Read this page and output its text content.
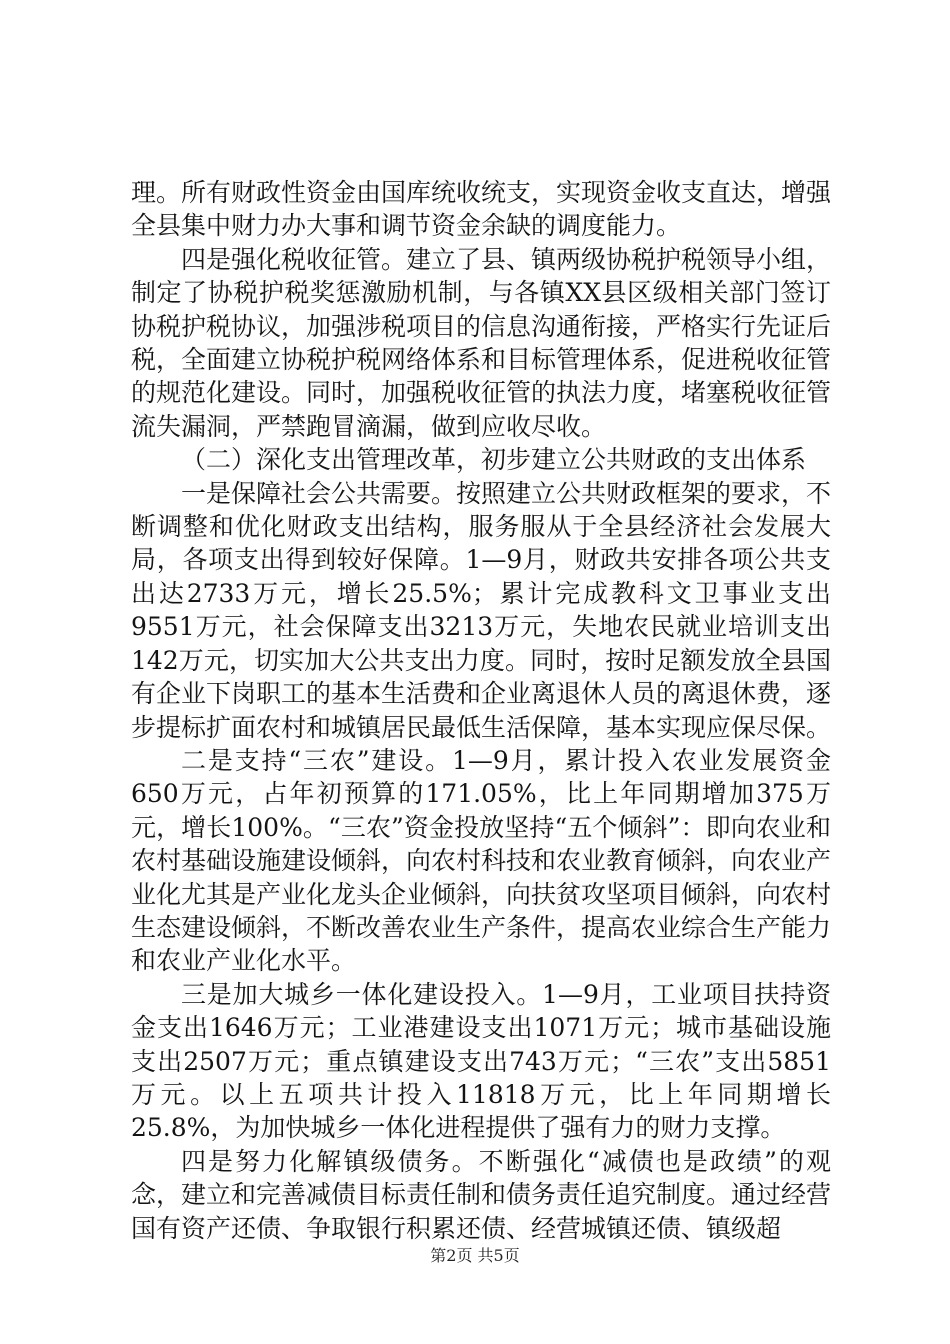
理。所有财政性资金由国库统收统支，实现资金收支直达，增强全县集中财力办大事和调节资金余缺的调度能力。

四是强化税收征管。建立了县、镇两级协税护税领导小组，制定了协税护税奖惩激励机制，与各镇XX县区级相关部门签订协税护税协议，加强涉税项目的信息沟通衔接，严格实行先证后税，全面建立协税护税网络体系和目标管理体系，促进税收征管的规范化建设。同时，加强税收征管的执法力度，堵塞税收征管流失漏洞，严禁跑冒滴漏，做到应收尽收。

（二）深化支出管理改革，初步建立公共财政的支出体系

一是保障社会公共需要。按照建立公共财政框架的要求，不断调整和优化财政支出结构，服务服从于全县经济社会发展大局，各项支出得到较好保障。1—9月，财政共安排各项公共支出达2733万元，增长25.5%；累计完成教科文卫事业支出9551万元，社会保障支出3213万元，失地农民就业培训支出142万元，切实加大公共支出力度。同时，按时足额发放全县国有企业下岗职工的基本生活费和企业离退休人员的离退休费，逐步提标扩面农村和城镇居民最低生活保障，基本实现应保尽保。

二是支持“三农”建设。1—9月，累计投入农业发展资金650万元，占年初预算的171.05%，比上年同期增加375万元，增长100%。“三农”资金投放坚持“五个倾斜”：即向农业和农村基础设施建设倾斜，向农村科技和农业教育倾斜，向农业产业化尤其是产业化龙头企业倾斜，向扶贫攻坚项目倾斜，向农村生态建设倾斜，不断改善农业生产条件，提高农业综合生产能力和农业产业化水平。

三是加大城乡一体化建设投入。1—9月，工业项目扶持资金支出1646万元；工业港建设支出1071万元；城市基础设施支出2507万元；重点镇建设支出743万元；“三农”支出5851万元。以上五项共计投入11818万元，比上年同期增长25.8%，为加快城乡一体化进程提供了强有力的财力支撑。

四是努力化解镇级债务。不断强化“减债也是政绩”的观念，建立和完善减债目标责任制和债务责任追究制度。通过经营国有资产还债、争取银行积累还债、经营城镇还债、镇级超

第2页 共5页
